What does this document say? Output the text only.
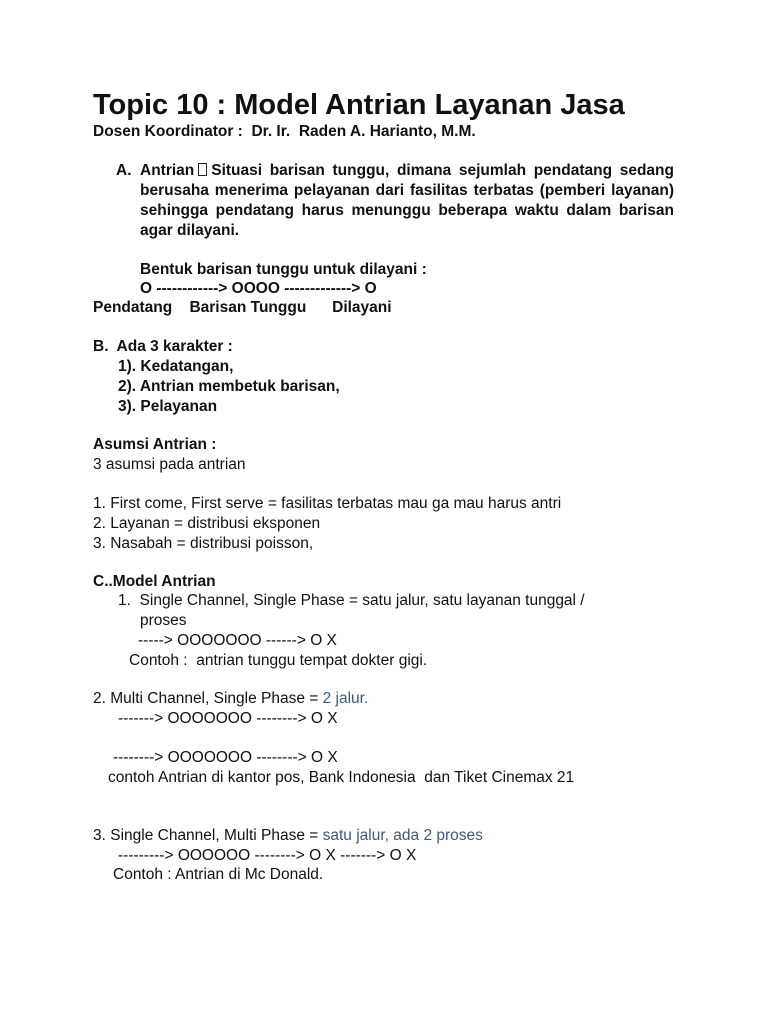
Topic 10 : Model Antrian Layanan Jasa
Dosen Koordinator :  Dr. Ir.  Raden A. Harianto, M.M.
A. Antrian Situasi barisan tunggu, dimana sejumlah pendatang sedang berusaha menerima pelayanan dari fasilitas terbatas (pemberi layanan) sehingga pendatang harus menunggu beberapa waktu dalam barisan agar dilayani.
Bentuk barisan tunggu untuk dilayani :
O ------------> OOOO -------------> O
Pendatang    Barisan Tunggu      Dilayani
B.  Ada 3 karakter :
1). Kedatangan,
2). Antrian membetuk barisan,
3). Pelayanan
Asumsi Antrian :
3 asumsi pada antrian
1. First come, First serve = fasilitas terbatas mau ga mau harus antri
2. Layanan = distribusi eksponen
3. Nasabah = distribusi poisson,
C..Model Antrian
1.  Single Channel, Single Phase = satu jalur, satu layanan tunggal /
proses
-----> OOOOOOO ------> O X
Contoh :  antrian tunggu tempat dokter gigi.
2. Multi Channel, Single Phase = 2 jalur.
-------> OOOOOOO --------> O X
--------> OOOOOOO --------> O X
contoh Antrian di kantor pos, Bank Indonesia  dan Tiket Cinemax 21
3. Single Channel, Multi Phase = satu jalur, ada 2 proses
---------> OOOOOO --------> O X -------> O X
Contoh : Antrian di Mc Donald.
